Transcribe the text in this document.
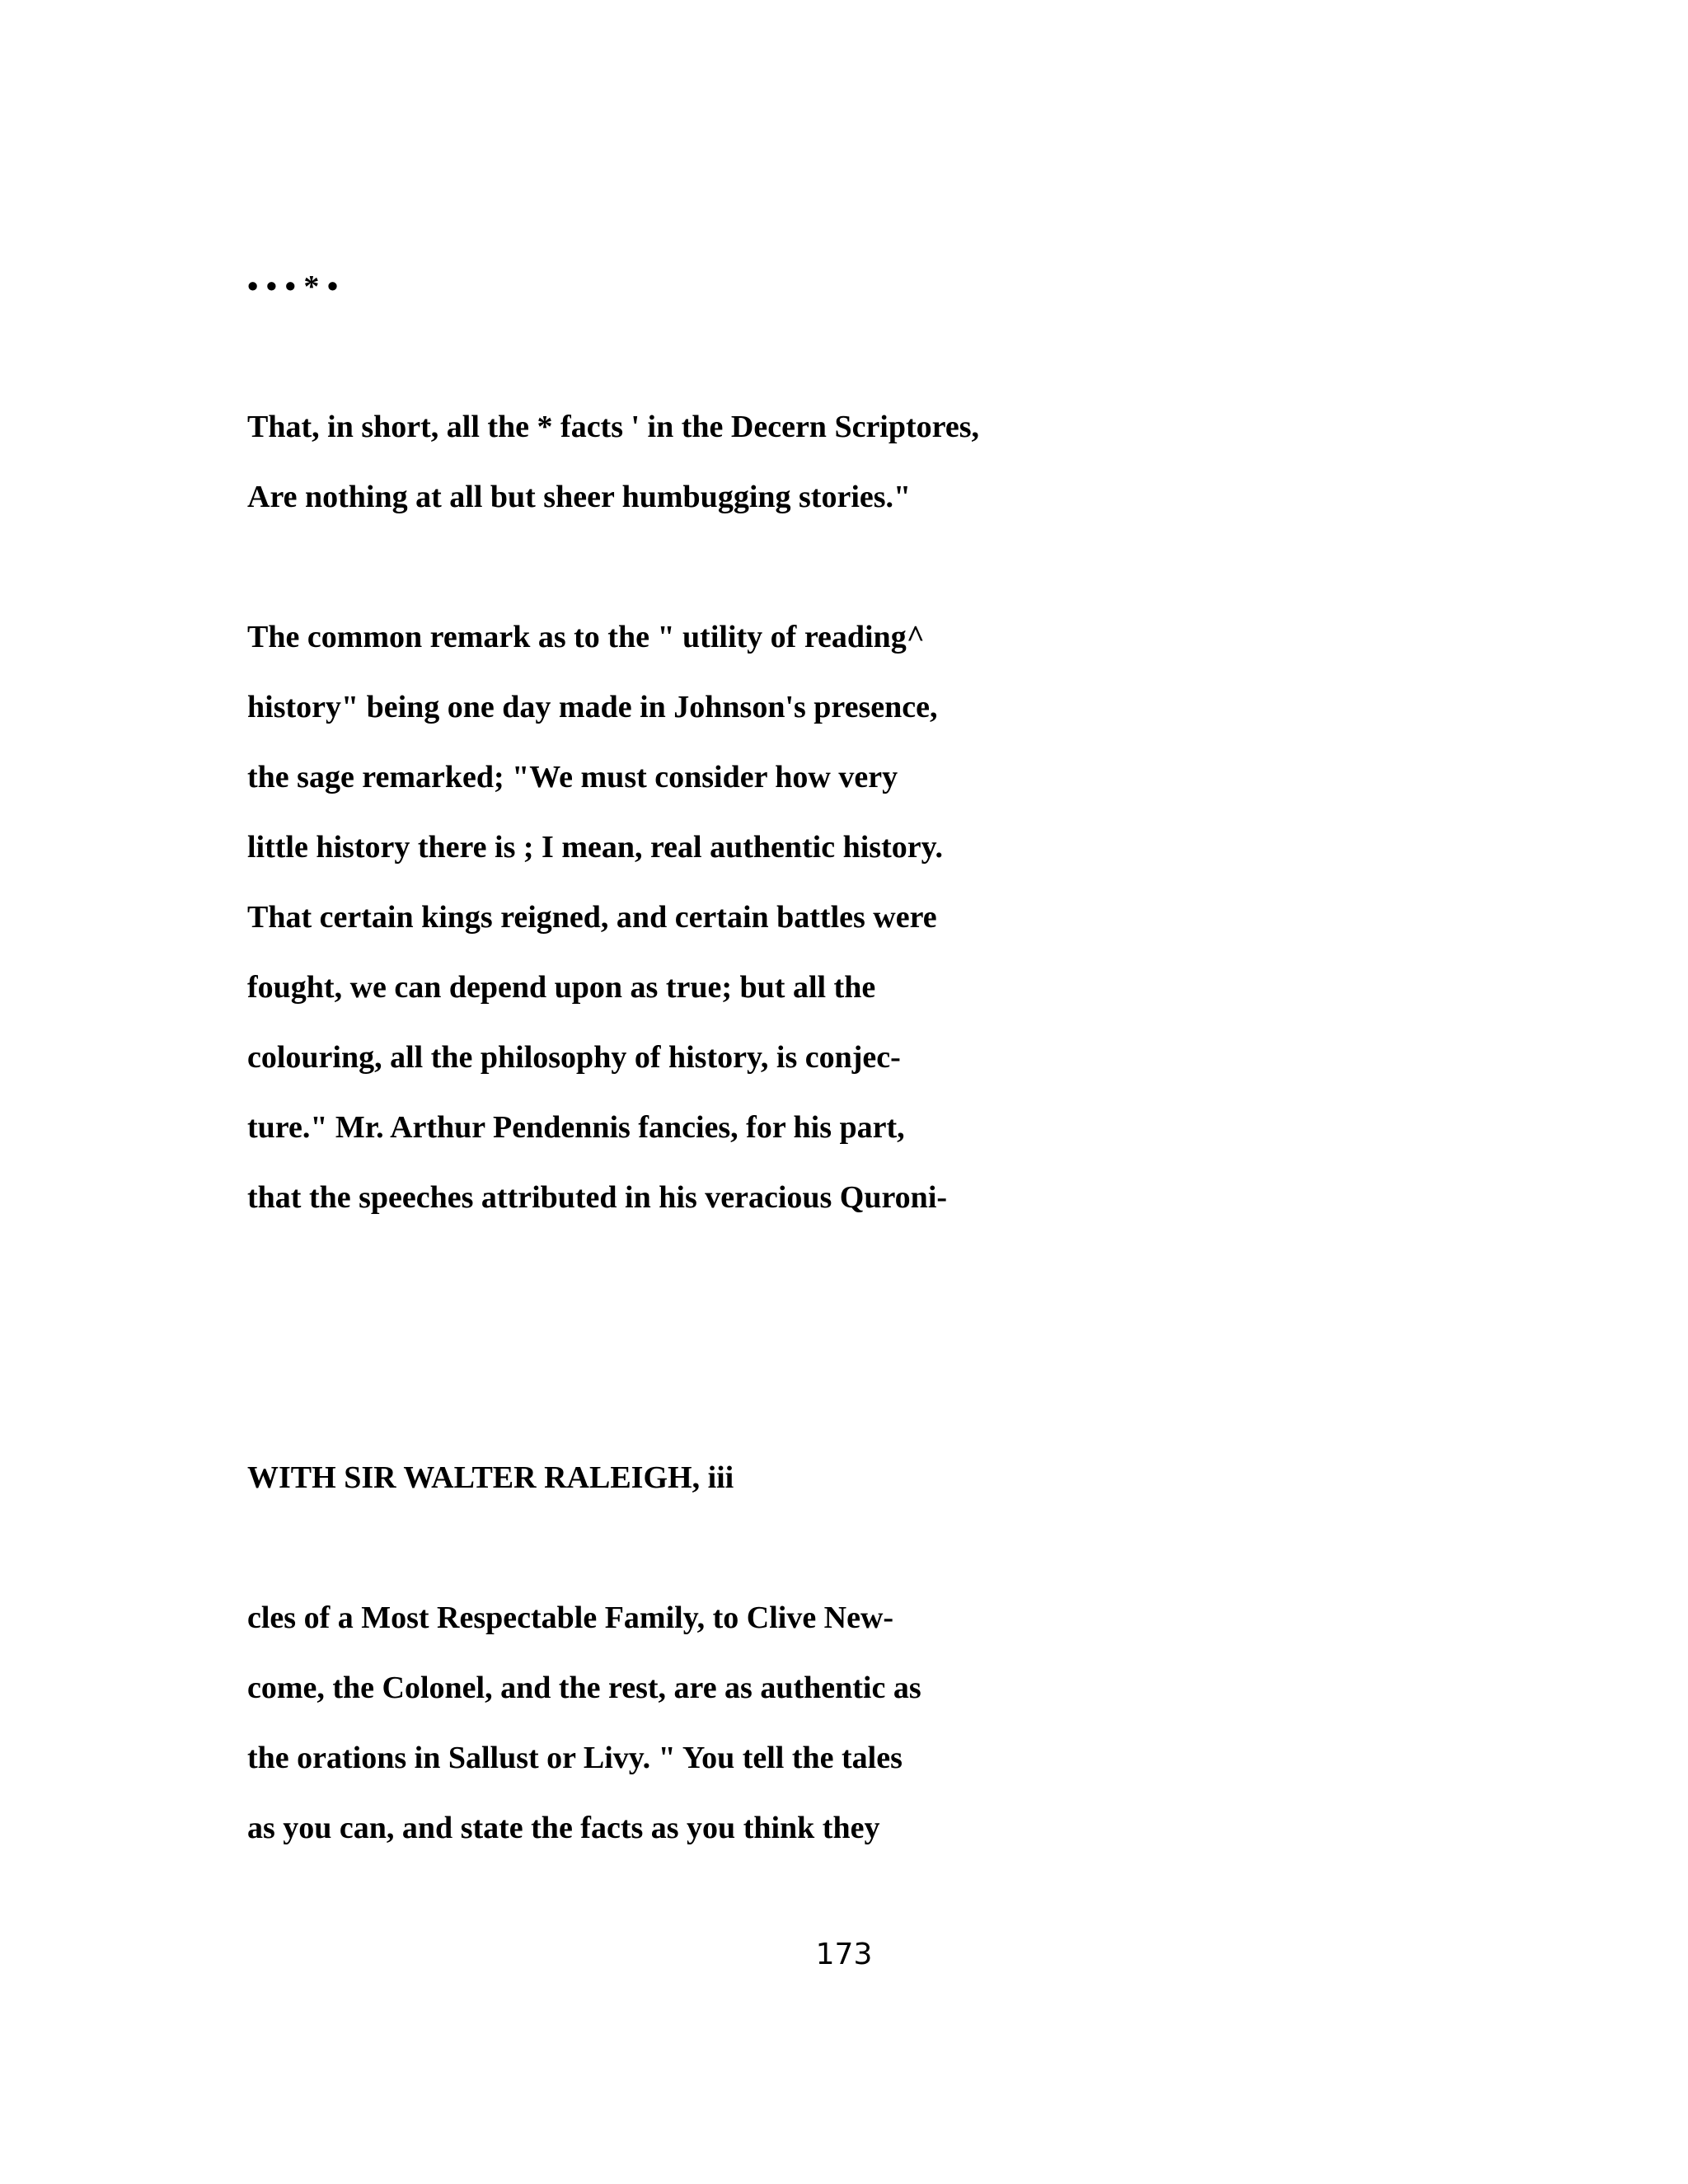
• • • * •

That, in short, all the * facts ' in the Decern Scriptores,

Are nothing at all but sheer humbugging stories."

The common remark as to the " utility of reading^

history" being one day made in Johnson's presence,

the sage remarked; "We must consider how very

little history there is ; I mean, real authentic history.

That certain kings reigned, and certain battles were

fought, we can depend upon as true; but all the

colouring, all the philosophy of history, is conjec-

ture." Mr. Arthur Pendennis fancies, for his part,

that the speeches attributed in his veracious Quroni-

WITH SIR WALTER RALEIGH, iii

cles of a Most Respectable Family, to Clive New-

come, the Colonel, and the rest, are as authentic as

the orations in Sallust or Livy. " You tell the tales

as you can, and state the facts as you think they

173
